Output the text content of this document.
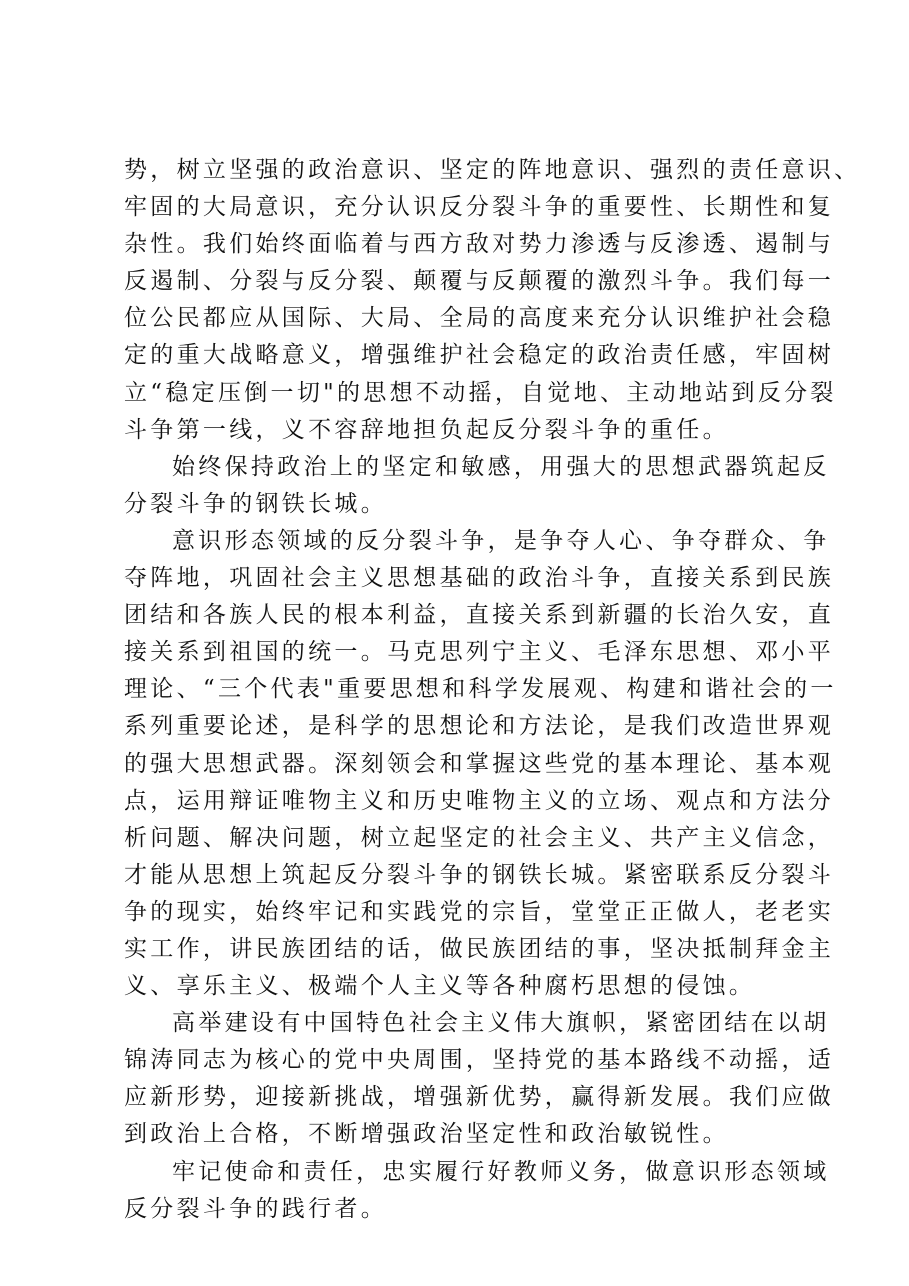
势，树立坚强的政治意识、坚定的阵地意识、强烈的责任意识、
牢固的大局意识，充分认识反分裂斗争的重要性、长期性和复
杂性。我们始终面临着与西方敌对势力渗透与反渗透、遏制与
反遏制、分裂与反分裂、颠覆与反颠覆的激烈斗争。我们每一
位公民都应从国际、大局、全局的高度来充分认识维护社会稳
定的重大战略意义，增强维护社会稳定的政治责任感，牢固树
立“稳定压倒一切"的思想不动摇，自觉地、主动地站到反分裂
斗争第一线，义不容辞地担负起反分裂斗争的重任。
始终保持政治上的坚定和敏感，用强大的思想武器筑起反
分裂斗争的钢铁长城。
意识形态领域的反分裂斗争，是争夺人心、争夺群众、争
夺阵地，巩固社会主义思想基础的政治斗争，直接关系到民族
团结和各族人民的根本利益，直接关系到新疆的长治久安，直
接关系到祖国的统一。马克思列宁主义、毛泽东思想、邓小平
理论、“三个代表"重要思想和科学发展观、构建和谐社会的一
系列重要论述，是科学的思想论和方法论，是我们改造世界观
的强大思想武器。深刻领会和掌握这些党的基本理论、基本观
点，运用辩证唯物主义和历史唯物主义的立场、观点和方法分
析问题、解决问题，树立起坚定的社会主义、共产主义信念，
才能从思想上筑起反分裂斗争的钢铁长城。紧密联系反分裂斗
争的现实，始终牢记和实践党的宗旨，堂堂正正做人，老老实
实工作，讲民族团结的话，做民族团结的事，坚决抵制拜金主
义、享乐主义、极端个人主义等各种腐朽思想的侵蚀。
高举建设有中国特色社会主义伟大旗帜，紧密团结在以胡
锦涛同志为核心的党中央周围，坚持党的基本路线不动摇，适
应新形势，迎接新挑战，增强新优势，赢得新发展。我们应做
到政治上合格，不断增强政治坚定性和政治敏锐性。
牢记使命和责任，忠实履行好教师义务，做意识形态领域
反分裂斗争的践行者。
